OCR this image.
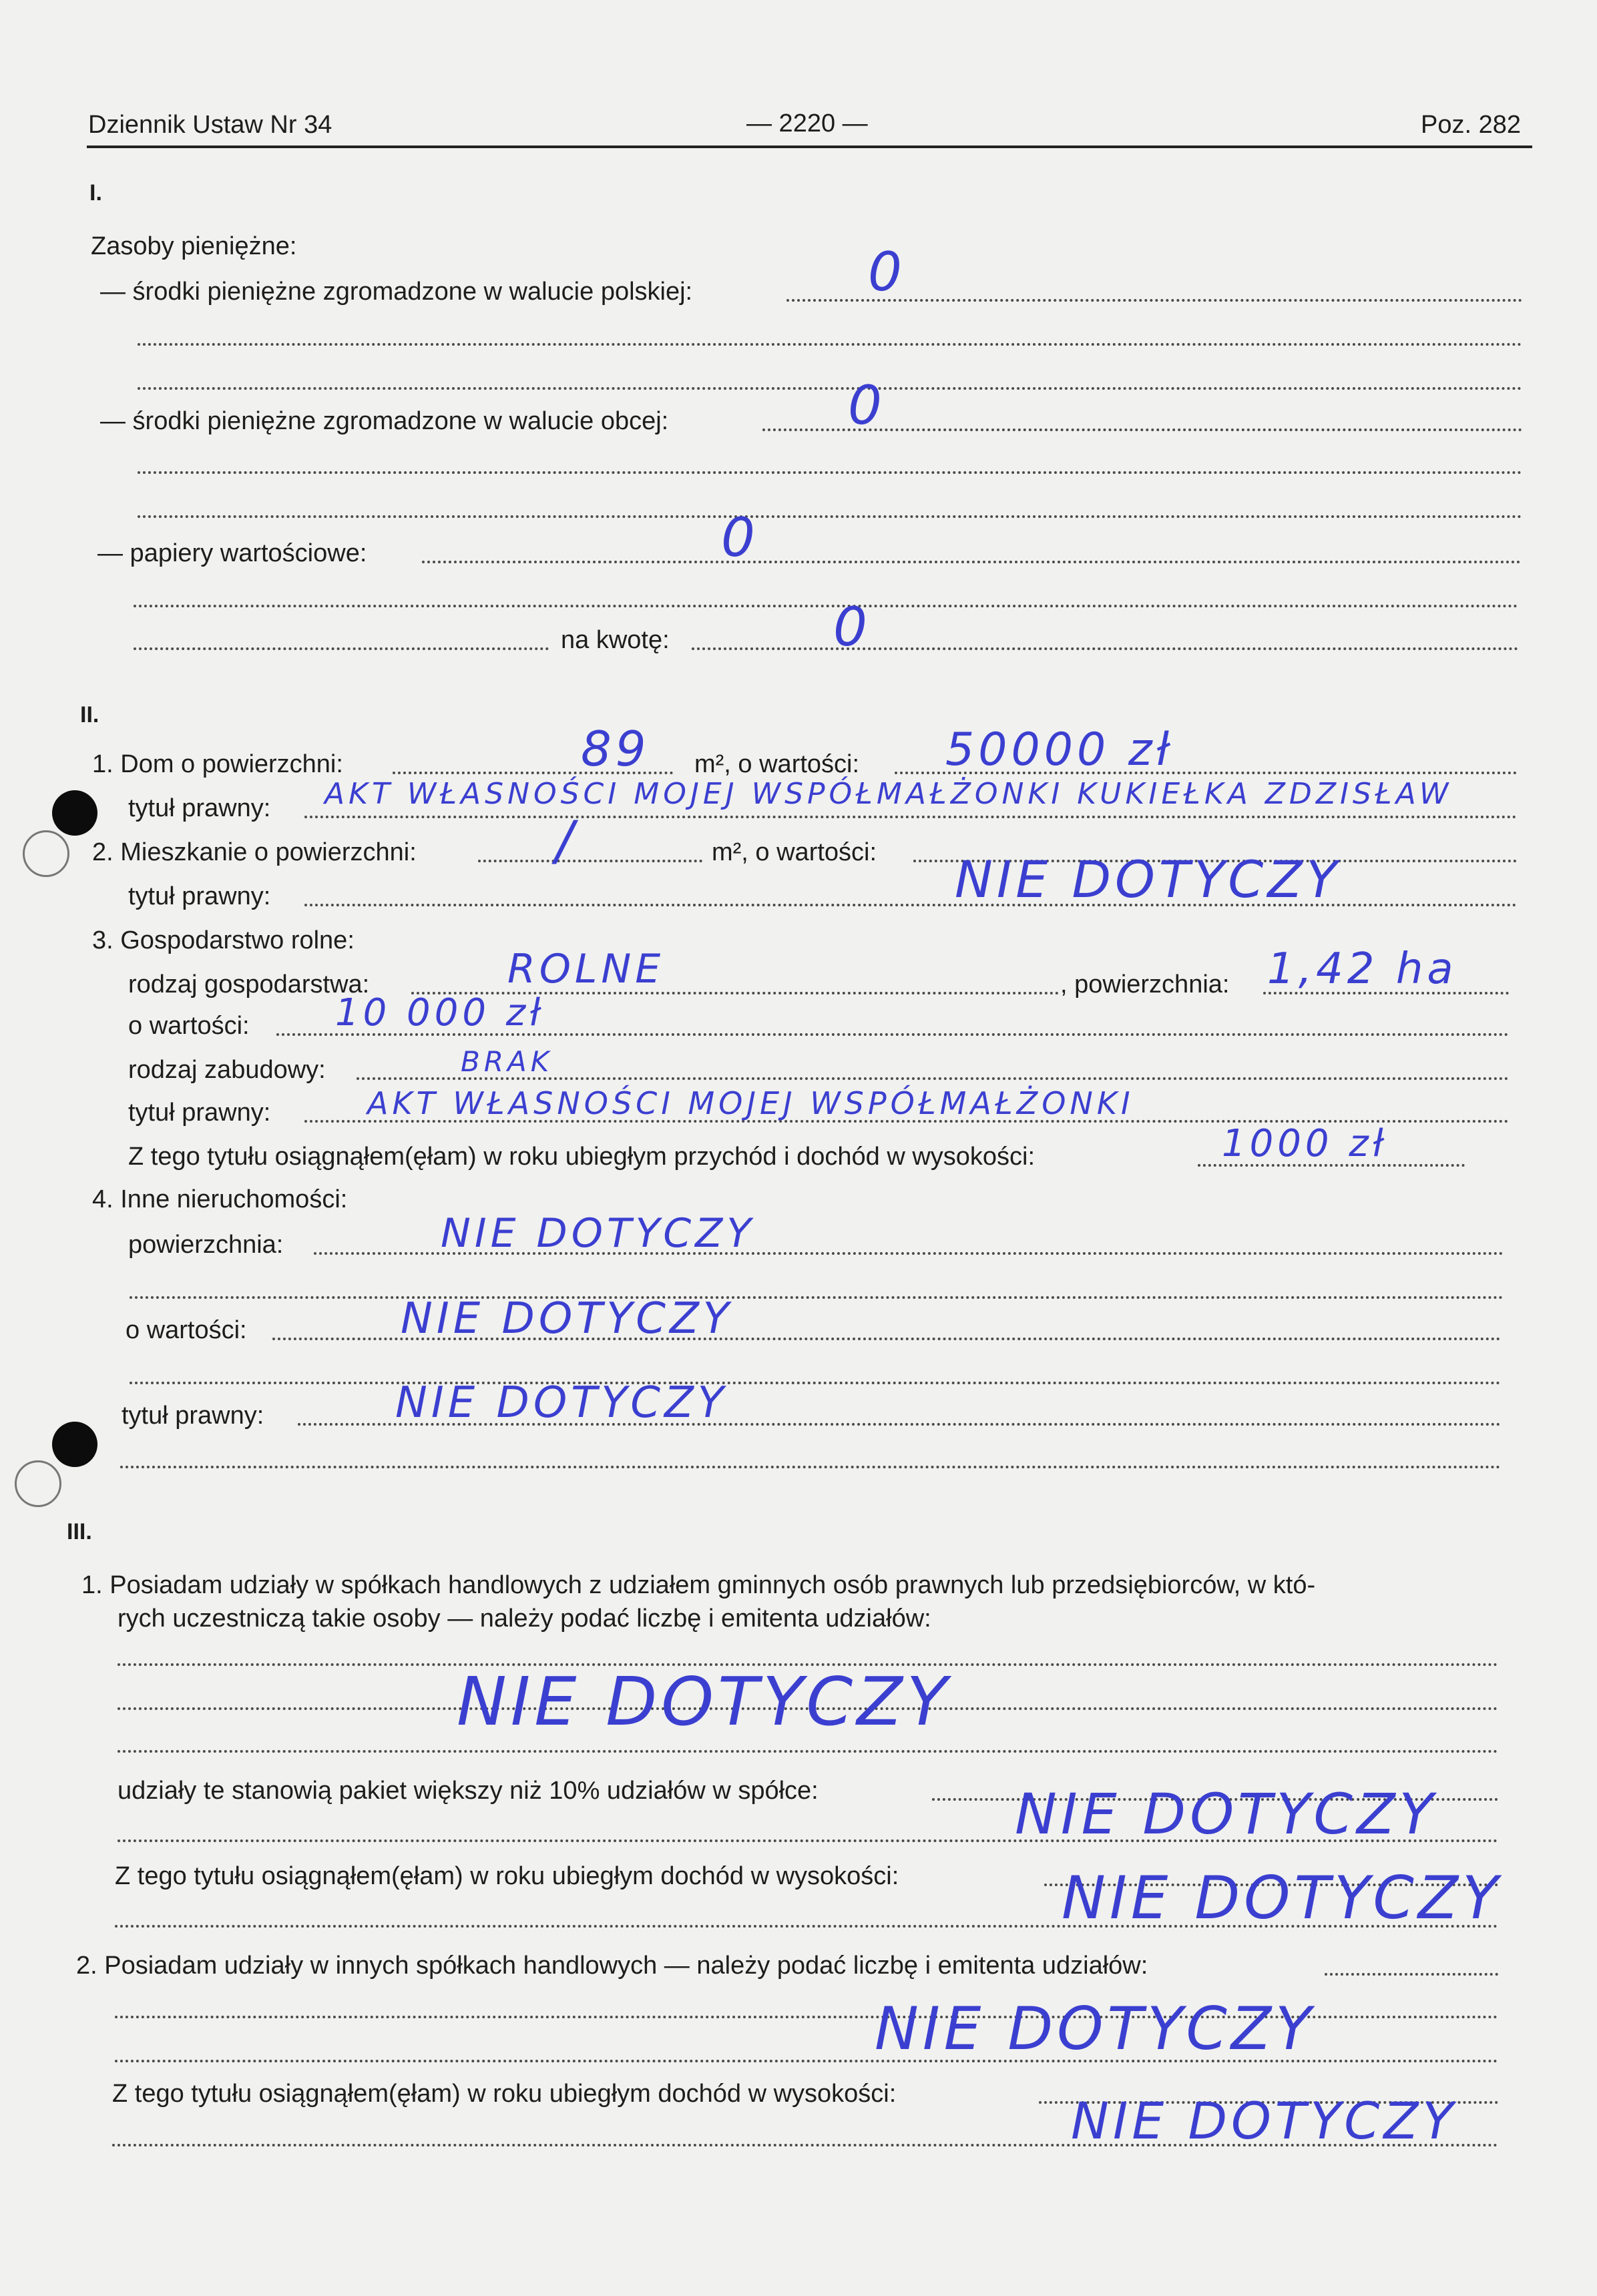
Dziennik Ustaw Nr 34	— 2220 —	Poz. 282
I.
Zasoby pieniężne:
— środki pieniężne zgromadzone w walucie polskiej:	0
— środki pieniężne zgromadzone w walucie obcej:	0
— papiery wartościowe:	0
na kwotę:	0
II.
1. Dom o powierzchni:	89 m², o wartości: 50000 zł
tytuł prawny: AKT WŁASNOŚCI MOJEJ WSPÓŁMAŁŻONKI KUKIEŁKA ZDZISŁAW
2. Mieszkanie o powierzchni:	/	m², o wartości:
tytuł prawny:	NIE DOTYCZY
3. Gospodarstwo rolne:
rodzaj gospodarstwa:	ROLNE	, powierzchnia: 1,42 ha
o wartości: 10 000 zł
rodzaj zabudowy:	BRAK
tytuł prawny:	AKT WŁASNOŚCI MOJEJ WSPÓŁMAŁŻONKI
Z tego tytułu osiągnąłem(ęłam) w roku ubiegłym przychód i dochód w wysokości:	1000 zł
4. Inne nieruchomości:
powierzchnia:	NIE DOTYCZY
o wartości:	NIE DOTYCZY
tytuł prawny:	NIE DOTYCZY
III.
1. Posiadam udziały w spółkach handlowych z udziałem gminnych osób prawnych lub przedsiębiorców, w któ-
rych uczestniczą takie osoby — należy podać liczbę i emitenta udziałów:
NIE DOTYCZY
udziały te stanowią pakiet większy niż 10% udziałów w spółce:	NIE DOTYCZY
Z tego tytułu osiągnąłem(ęłam) w roku ubiegłym dochód w wysokości:	NIE DOTYCZY
2. Posiadam udziały w innych spółkach handlowych — należy podać liczbę i emitenta udziałów:
NIE DOTYCZY
Z tego tytułu osiągnąłem(ęłam) w roku ubiegłym dochód w wysokości:	NIE DOTYCZY
